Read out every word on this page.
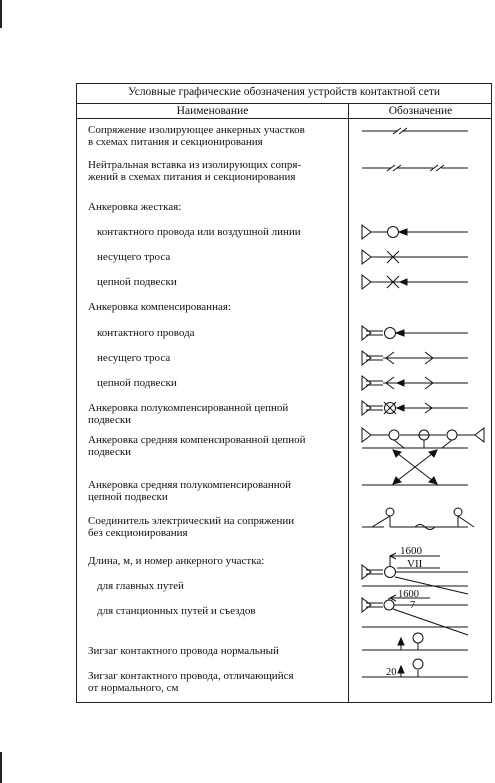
Условные графические обозначения устройств контактной сети
Наименование	Обозначение
Сопряжение изолирующее анкерных участков
в схемах питания и секционирования
Нейтральная вставка из изолирующих сопря-
жений в схемах питания и секционирования
Анкеровка жесткая:
контактного провода или воздушной линии
несущего троса
цепной подвески
Анкеровка компенсированная:
контактного провода
несущего троса
цепной подвески
Анкеровка полукомпенсированной цепной
подвески
Анкеровка средняя компенсированной цепной
подвески
Анкеровка средняя полукомпенсированной
цепной подвески
Соединитель электрический на сопряжении
без секционирования
Длина, м, и номер анкерного участка:
для главных путей
для станционных путей и съездов
Зигзаг контактного провода нормальный
Зигзаг контактного провода, отличающийся
от нормального, см
1600
VII
1600
7
20
